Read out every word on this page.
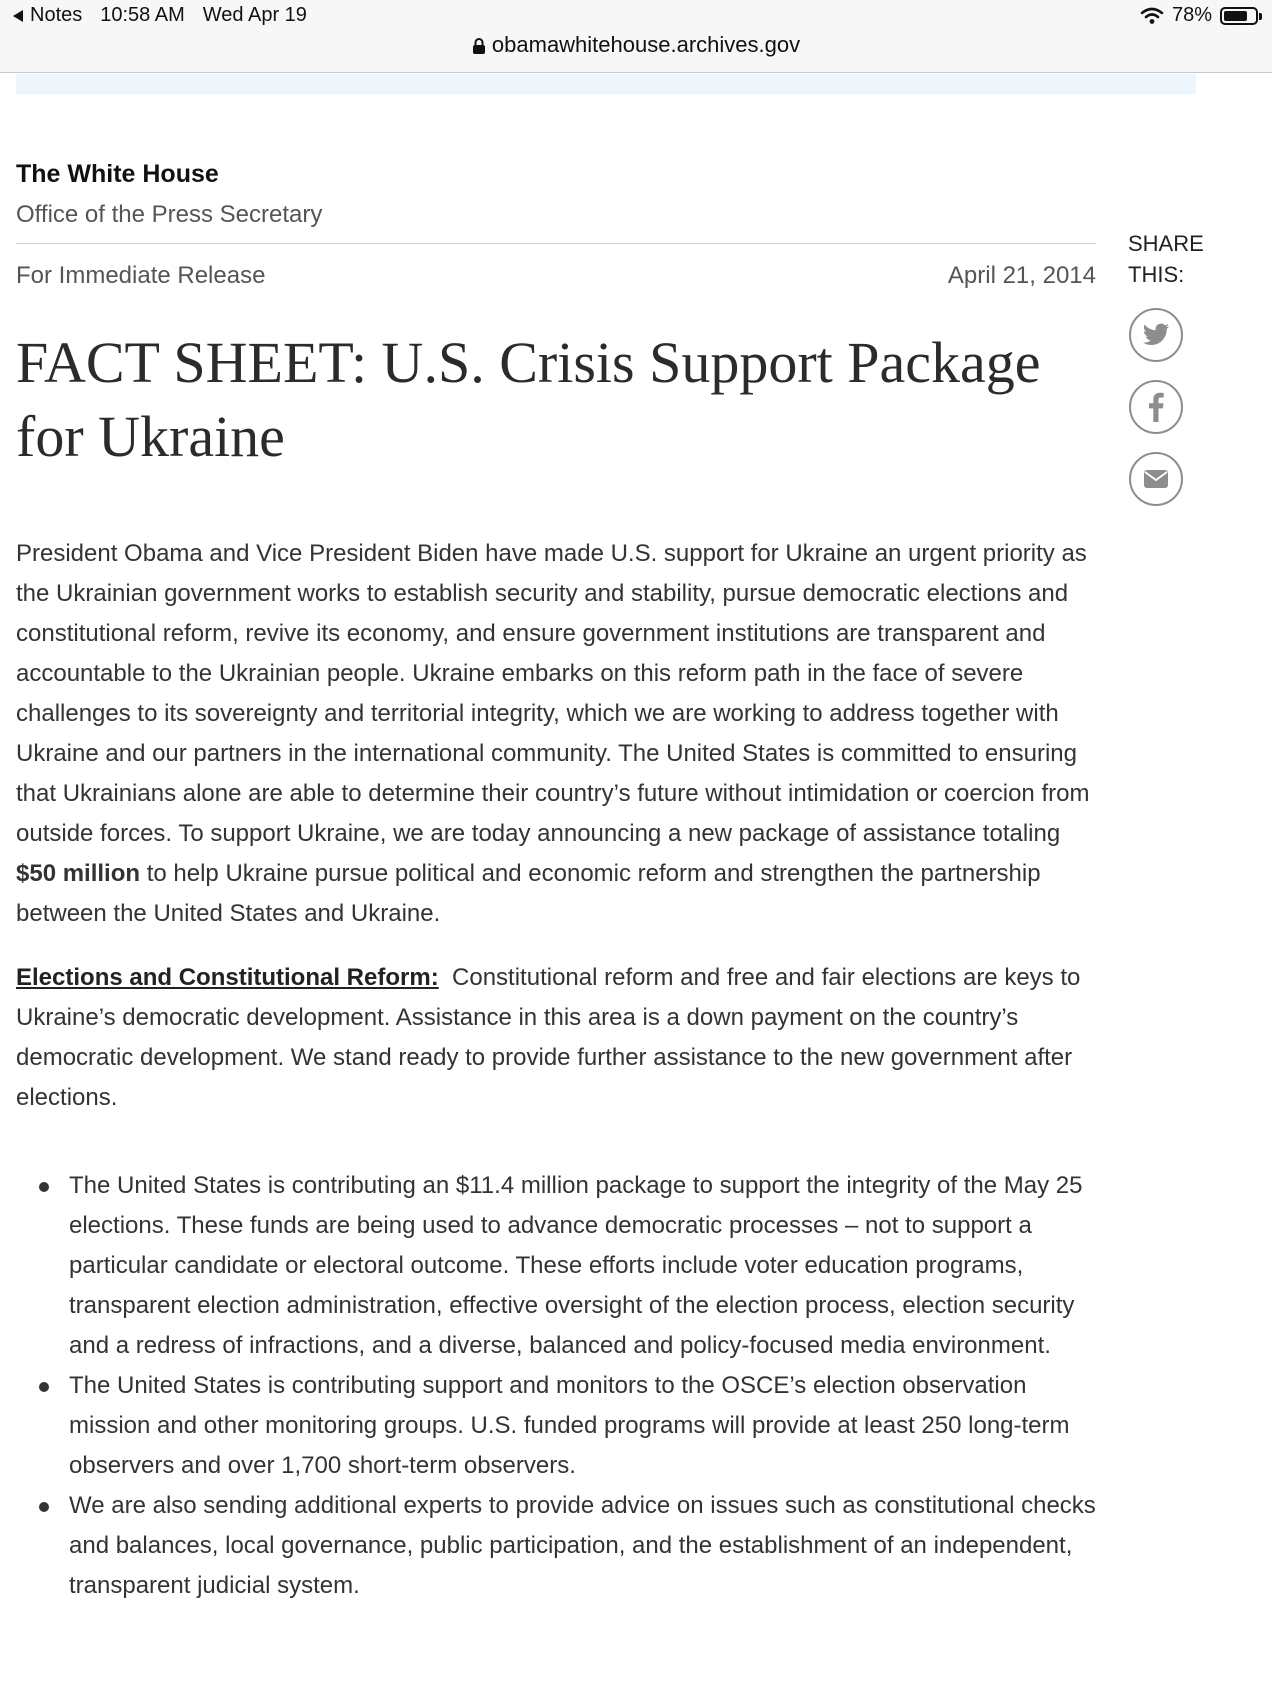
Notes 10:58 AM Wed Apr 19	78%
obamawhitehouse.archives.gov
The White House
Office of the Press Secretary
For Immediate Release	April 21, 2014
FACT SHEET: U.S. Crisis Support Package for Ukraine

President Obama and Vice President Biden have made U.S. support for Ukraine an urgent priority as the Ukrainian government works to establish security and stability, pursue democratic elections and constitutional reform, revive its economy, and ensure government institutions are transparent and accountable to the Ukrainian people. Ukraine embarks on this reform path in the face of severe challenges to its sovereignty and territorial integrity, which we are working to address together with Ukraine and our partners in the international community. The United States is committed to ensuring that Ukrainians alone are able to determine their country’s future without intimidation or coercion from outside forces. To support Ukraine, we are today announcing a new package of assistance totaling $50 million to help Ukraine pursue political and economic reform and strengthen the partnership between the United States and Ukraine.

Elections and Constitutional Reform: Constitutional reform and free and fair elections are keys to Ukraine’s democratic development. Assistance in this area is a down payment on the country’s democratic development. We stand ready to provide further assistance to the new government after elections.

The United States is contributing an $11.4 million package to support the integrity of the May 25 elections. These funds are being used to advance democratic processes – not to support a particular candidate or electoral outcome. These efforts include voter education programs, transparent election administration, effective oversight of the election process, election security and a redress of infractions, and a diverse, balanced and policy-focused media environment.
The United States is contributing support and monitors to the OSCE’s election observation mission and other monitoring groups. U.S. funded programs will provide at least 250 long-term observers and over 1,700 short-term observers.
We are also sending additional experts to provide advice on issues such as constitutional checks and balances, local governance, public participation, and the establishment of an independent, transparent judicial system.
SHARE
THIS:
